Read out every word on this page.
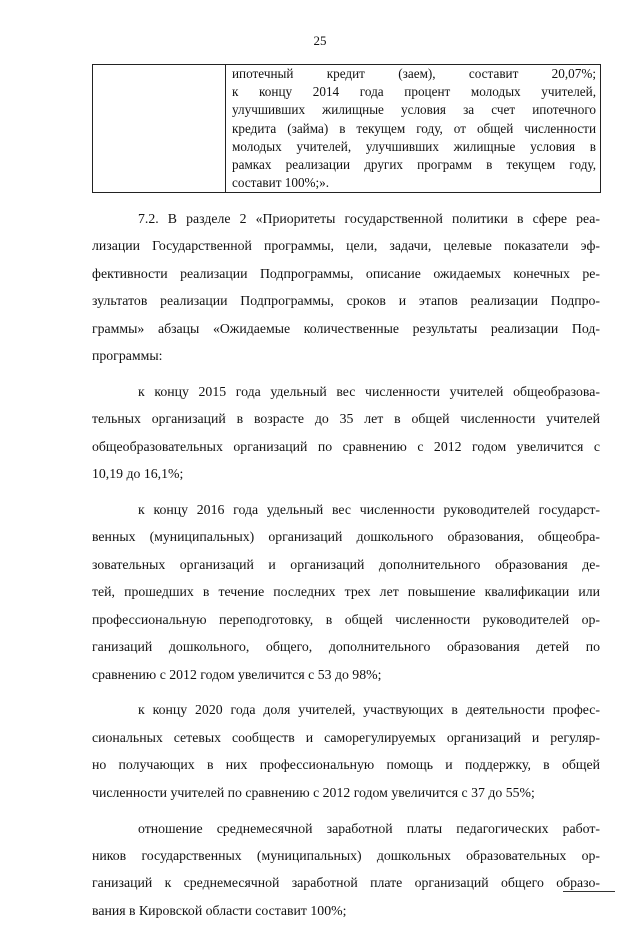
25

ипотечный кредит (заем), составит 20,07%;
к концу 2014 года процент молодых учителей,
улучшивших жилищные условия за счет ипотечного
кредита (займа) в текущем году, от общей численности
молодых учителей, улучшивших жилищные условия в
рамках реализации других программ в текущем году,
составит 100%;».
7.2. В разделе 2 «Приоритеты государственной политики в сфере реа-
лизации Государственной программы, цели, задачи, целевые показатели эф-
фективности реализации Подпрограммы, описание ожидаемых конечных ре-
зультатов реализации Подпрограммы, сроков и этапов реализации Подпро-
граммы» абзацы «Ожидаемые количественные результаты реализации Под-
программы:
к концу 2015 года удельный вес численности учителей общеобразова-
тельных организаций в возрасте до 35 лет в общей численности учителей
общеобразовательных организаций по сравнению с 2012 годом увеличится с
10,19 до 16,1%;
к концу 2016 года удельный вес численности руководителей государст-
венных (муниципальных) организаций дошкольного образования, общеобра-
зовательных организаций и организаций дополнительного образования де-
тей, прошедших в течение последних трех лет повышение квалификации или
профессиональную переподготовку, в общей численности руководителей ор-
ганизаций дошкольного, общего, дополнительного образования детей по
сравнению с 2012 годом увеличится с 53 до 98%;
к концу 2020 года доля учителей, участвующих в деятельности профес-
сиональных сетевых сообществ и саморегулируемых организаций и регуляр-
но получающих в них профессиональную помощь и поддержку, в общей
численности учителей по сравнению с 2012 годом увеличится с 37 до 55%;
отношение среднемесячной заработной платы педагогических работ-
ников государственных (муниципальных) дошкольных образовательных ор-
ганизаций к среднемесячной заработной плате организаций общего образо-
вания в Кировской области составит 100%;
